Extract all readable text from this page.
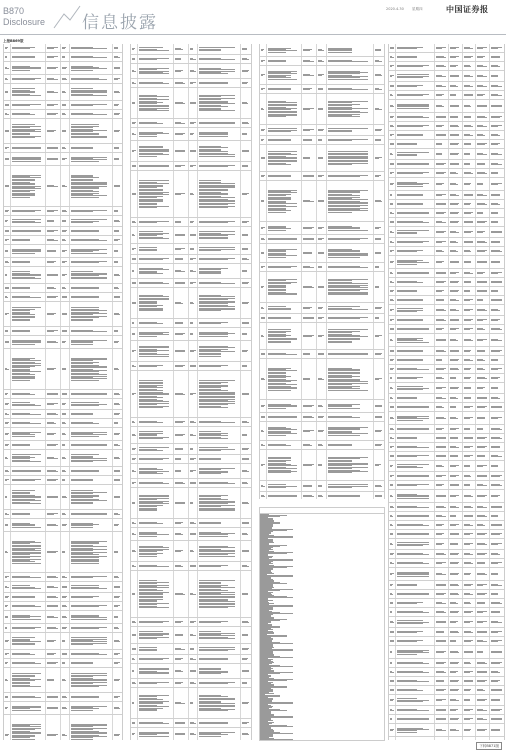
B870
Disclosure 信息披露
2020.4.30 星期四	中国证券报
上接B869版
下转B871版
